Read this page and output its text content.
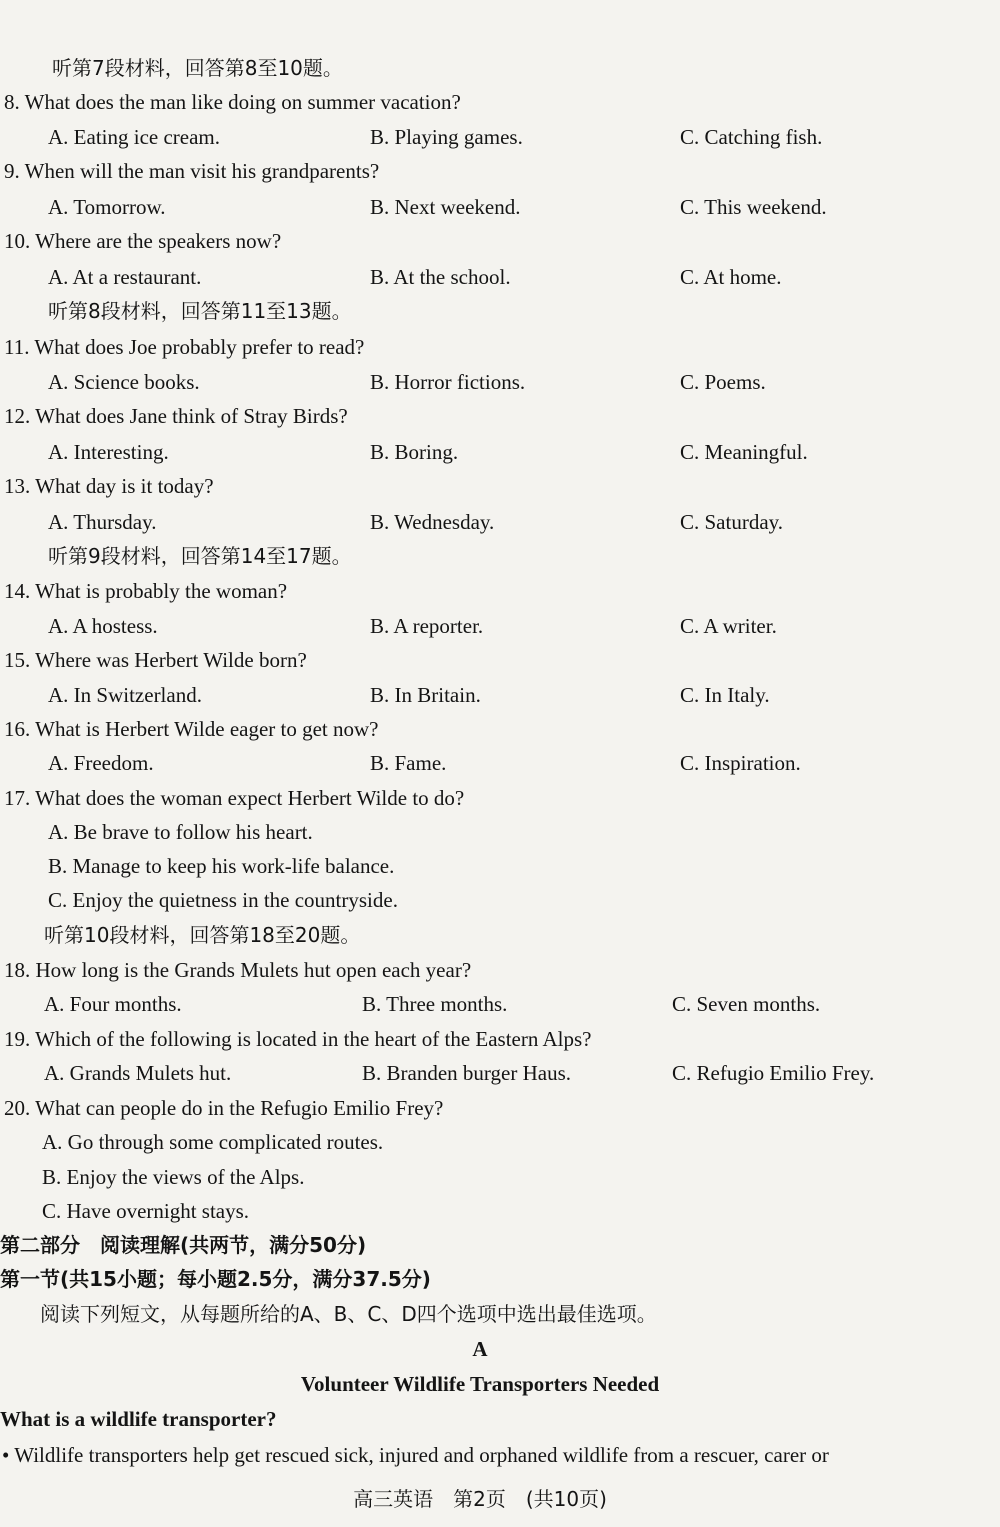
听第7段材料，回答第8至10题。
8. What does the man like doing on summer vacation?
A. Eating ice cream.	B. Playing games.	C. Catching fish.
9. When will the man visit his grandparents?
A. Tomorrow.	B. Next weekend.	C. This weekend.
10. Where are the speakers now?
A. At a restaurant.	B. At the school.	C. At home.
听第8段材料，回答第11至13题。
11. What does Joe probably prefer to read?
A. Science books.	B. Horror fictions.	C. Poems.
12. What does Jane think of Stray Birds?
A. Interesting.	B. Boring.	C. Meaningful.
13. What day is it today?
A. Thursday.	B. Wednesday.	C. Saturday.
听第9段材料，回答第14至17题。
14. What is probably the woman?
A. A hostess.	B. A reporter.	C. A writer.
15. Where was Herbert Wilde born?
A. In Switzerland.	B. In Britain.	C. In Italy.
16. What is Herbert Wilde eager to get now?
A. Freedom.	B. Fame.	C. Inspiration.
17. What does the woman expect Herbert Wilde to do?
A. Be brave to follow his heart.
B. Manage to keep his work-life balance.
C. Enjoy the quietness in the countryside.
听第10段材料，回答第18至20题。
18. How long is the Grands Mulets hut open each year?
A. Four months.	B. Three months.	C. Seven months.
19. Which of the following is located in the heart of the Eastern Alps?
A. Grands Mulets hut.	B. Branden burger Haus.	C. Refugio Emilio Frey.
20. What can people do in the Refugio Emilio Frey?
A. Go through some complicated routes.
B. Enjoy the views of the Alps.
C. Have overnight stays.
第二部分　阅读理解(共两节，满分50分)
第一节(共15小题；每小题2.5分，满分37.5分)
阅读下列短文，从每题所给的A、B、C、D四个选项中选出最佳选项。
A
Volunteer Wildlife Transporters Needed
What is a wildlife transporter?
• Wildlife transporters help get rescued sick, injured and orphaned wildlife from a rescuer, carer or
高三英语　第2页　(共10页)
